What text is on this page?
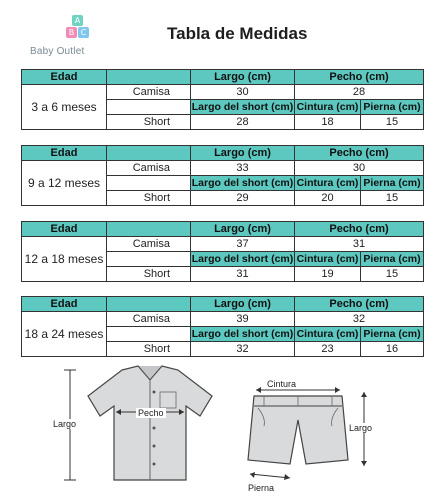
A
B C
Baby Outlet
Tabla de Medidas
Edad		Largo (cm)	Pecho (cm)	
3 a 6 meses	Camisa	30	28	
		Largo del short (cm)	Cintura (cm)	Pierna (cm)
	Short	28	18	15
Edad		Largo (cm)	Pecho (cm)	
9 a 12 meses	Camisa	33	30	
		Largo del short (cm)	Cintura (cm)	Pierna (cm)
	Short	29	20	15
Edad		Largo (cm)	Pecho (cm)	
12 a 18 meses	Camisa	37	31	
		Largo del short (cm)	Cintura (cm)	Pierna (cm)
	Short	31	19	15
Edad		Largo (cm)	Pecho (cm)	
18 a 24 meses	Camisa	39	32	
		Largo del short (cm)	Cintura (cm)	Pierna (cm)
	Short	32	23	16
Largo
Pecho
Cintura
Largo
Pierna
